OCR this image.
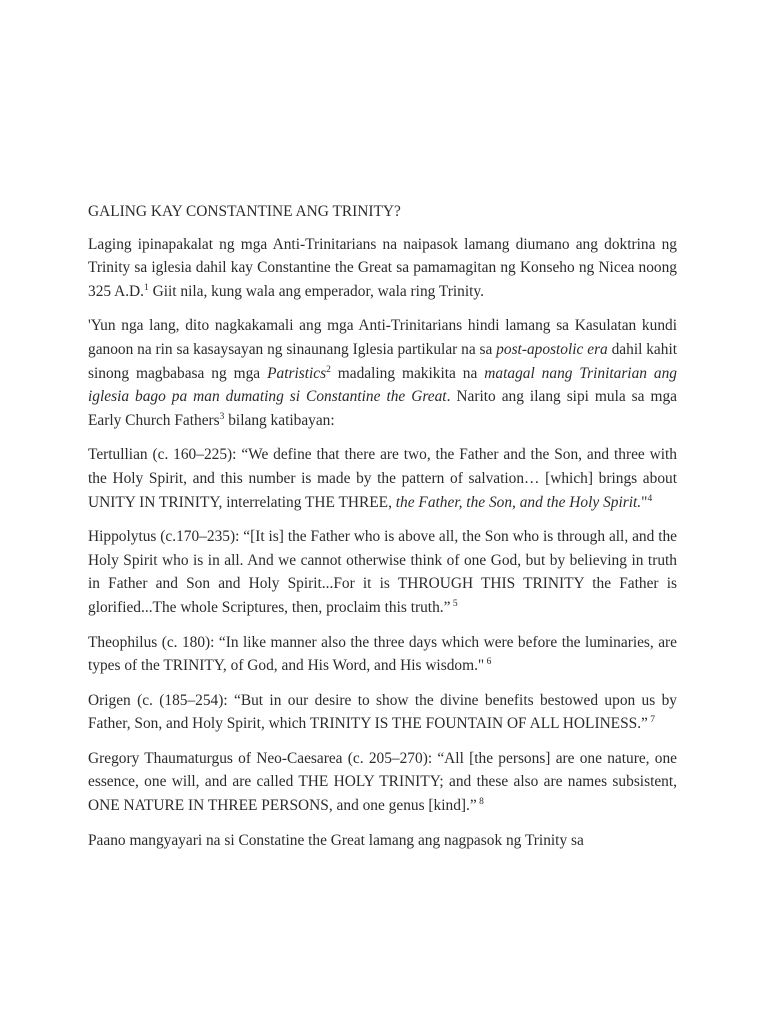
GALING KAY CONSTANTINE ANG TRINITY?

Laging ipinapakalat ng mga Anti-Trinitarians na naipasok lamang diumano ang doktrina ng Trinity sa iglesia dahil kay Constantine the Great sa pamamagitan ng Konseho ng Nicea noong 325 A.D.$^1$ Giit nila, kung wala ang emperador, wala ring Trinity.

'Yun nga lang, dito nagkakamali ang mga Anti-Trinitarians hindi lamang sa Kasulatan kundi ganoon na rin sa kasaysayan ng sinaunang Iglesia partikular na sa post-apostolic era dahil kahit sinong magbabasa ng mga Patristics$^2$ madaling makikita na matagal nang Trinitarian ang iglesia bago pa man dumating si Constantine the Great. Narito ang ilang sipi mula sa mga Early Church Fathers$^3$ bilang katibayan:

Tertullian (c. 160–225): “We define that there are two, the Father and the Son, and three with the Holy Spirit, and this number is made by the pattern of salvation… [which] brings about UNITY IN TRINITY, interrelating THE THREE, the Father, the Son, and the Holy Spirit."$^4$

Hippolytus (c.170–235): “[It is] the Father who is above all, the Son who is through all, and the Holy Spirit who is in all. And we cannot otherwise think of one God, but by believing in truth in Father and Son and Holy Spirit...For it is THROUGH THIS TRINITY the Father is glorified...The whole Scriptures, then, proclaim this truth.” $^5$

Theophilus (c. 180): “In like manner also the three days which were before the luminaries, are types of the TRINITY, of God, and His Word, and His wisdom." $^6$

Origen (c. (185–254): “But in our desire to show the divine benefits bestowed upon us by Father, Son, and Holy Spirit, which TRINITY IS THE FOUNTAIN OF ALL HOLINESS.” $^7$

Gregory Thaumaturgus of Neo-Caesarea (c. 205–270): “All [the persons] are one nature, one essence, one will, and are called THE HOLY TRINITY; and these also are names subsistent, ONE NATURE IN THREE PERSONS, and one genus [kind].” $^8$

Paano mangyayari na si Constatine the Great lamang ang nagpasok ng Trinity sa
